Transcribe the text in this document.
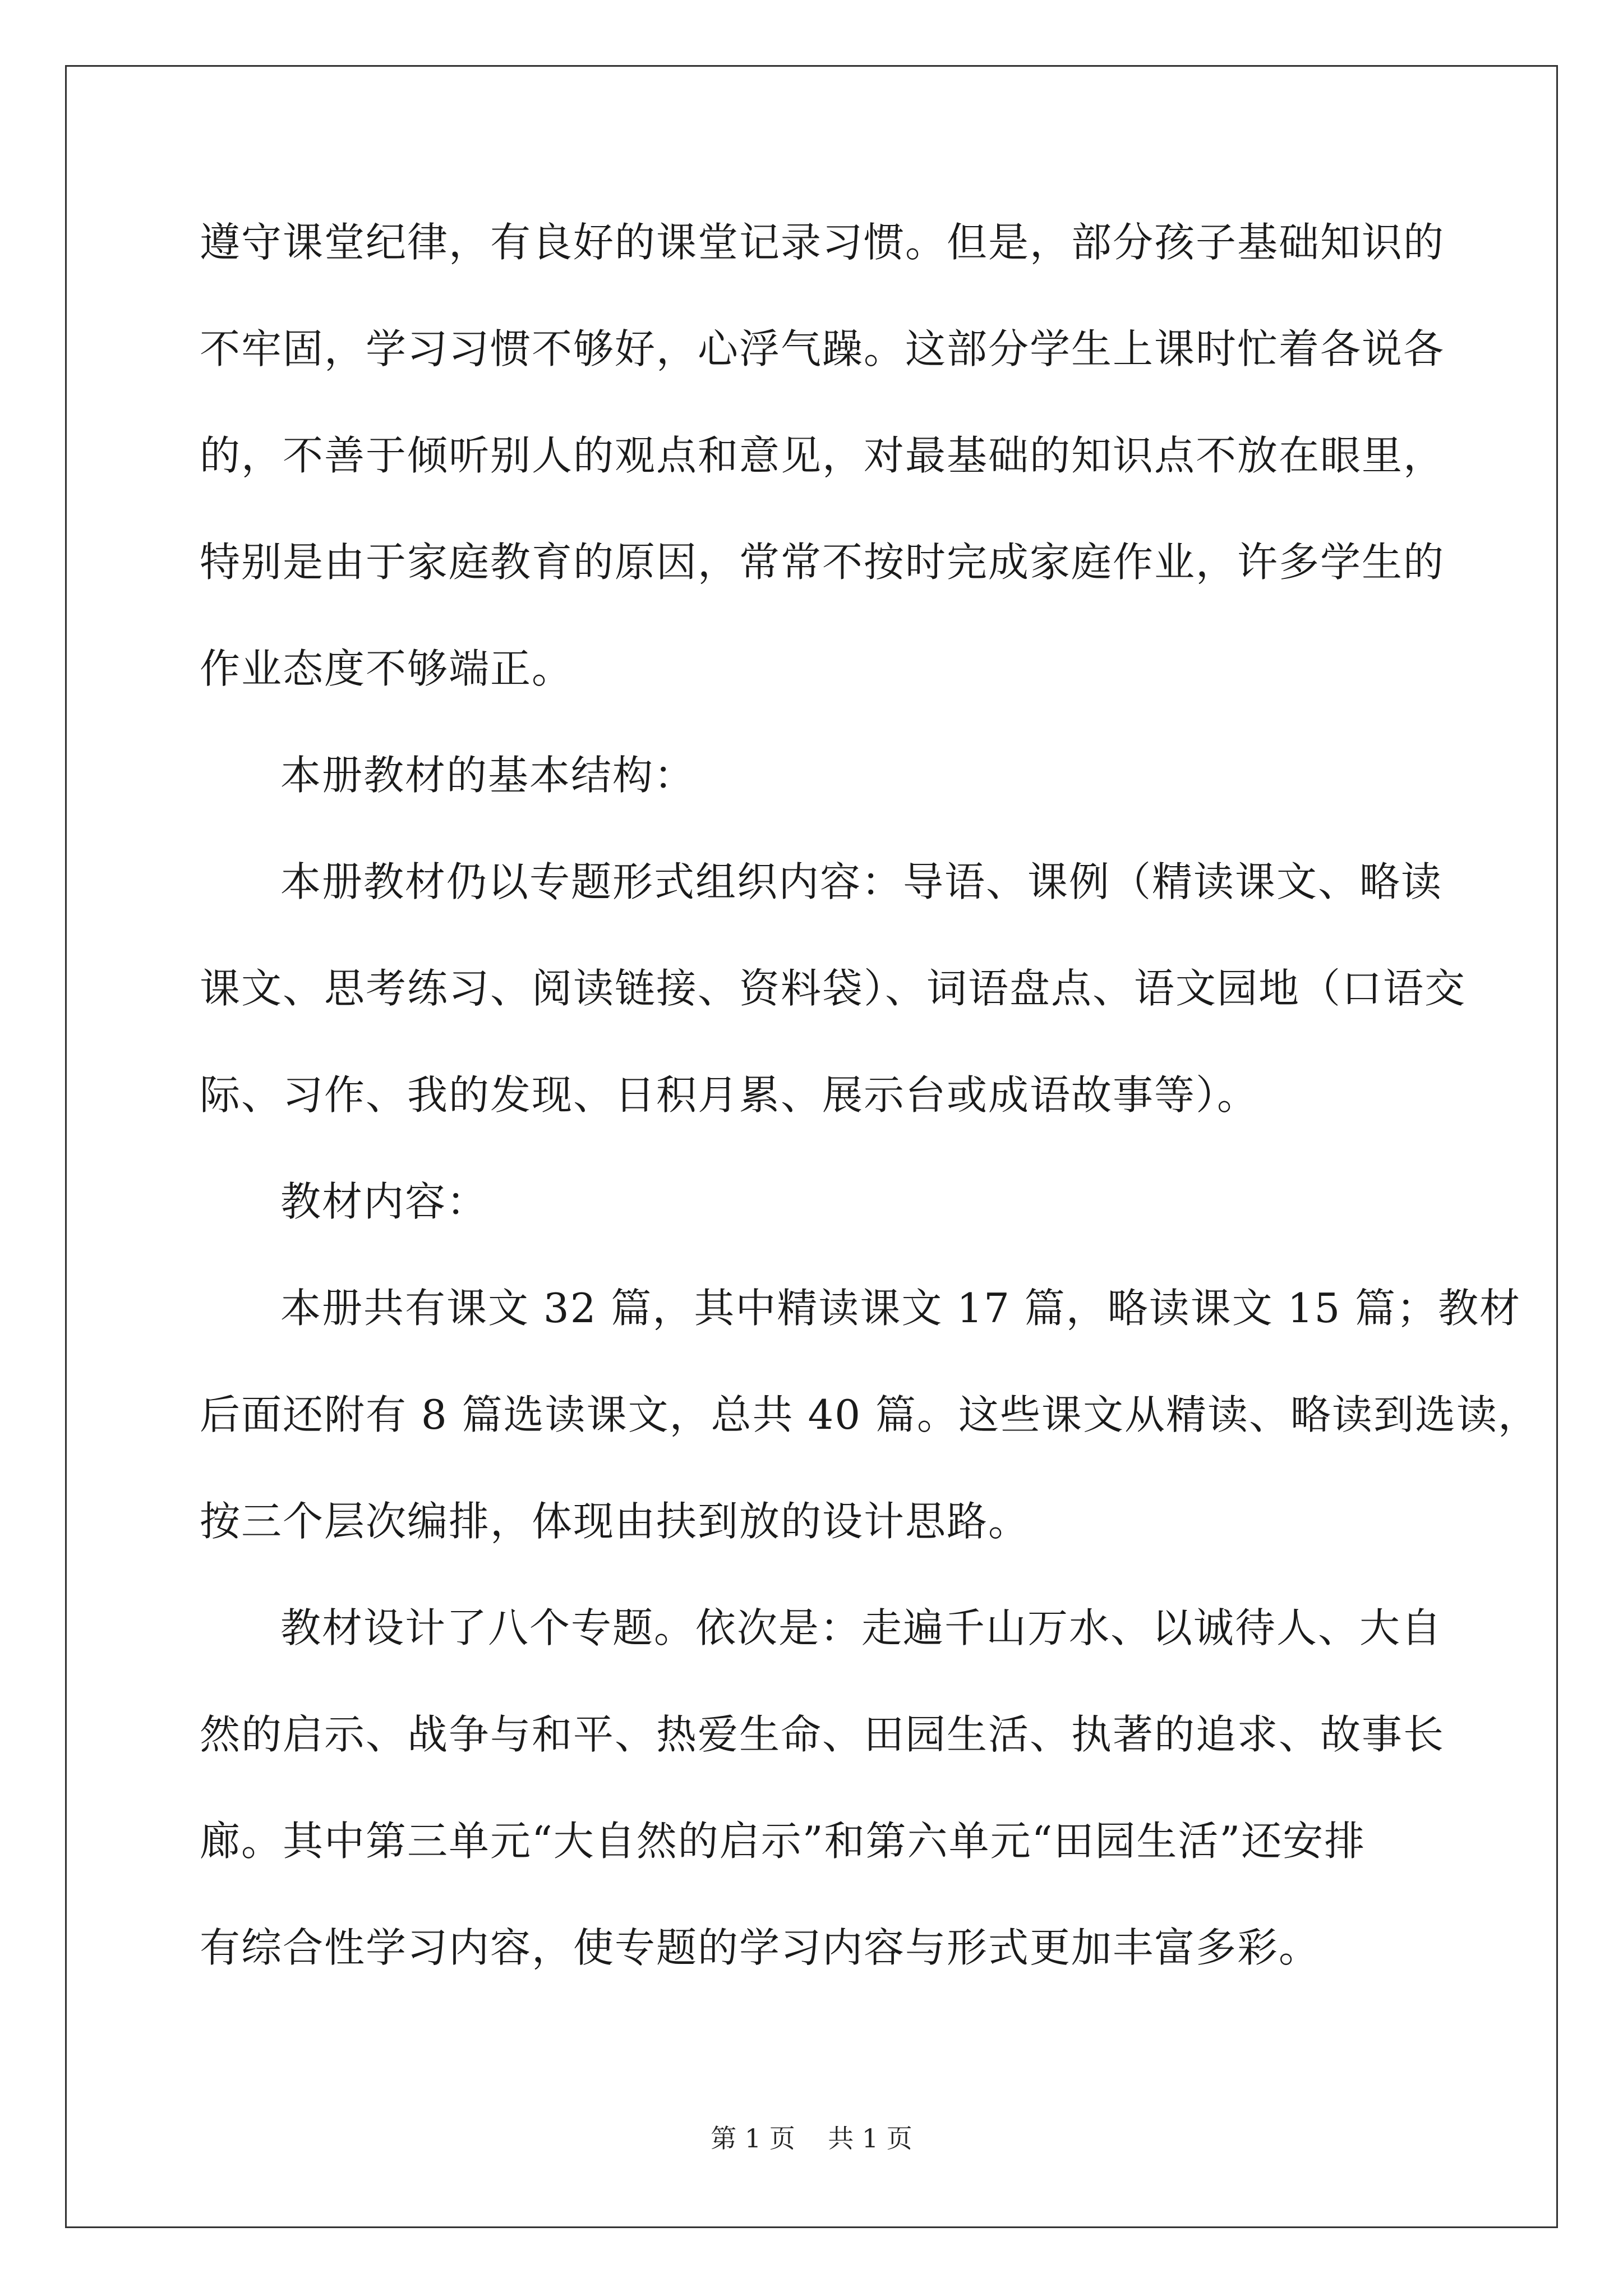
遵守课堂纪律，有良好的课堂记录习惯。但是，部分孩子基础知识的
不牢固，学习习惯不够好，心浮气躁。这部分学生上课时忙着各说各
的，不善于倾听别人的观点和意见，对最基础的知识点不放在眼里，
特别是由于家庭教育的原因，常常不按时完成家庭作业，许多学生的
作业态度不够端正。
本册教材的基本结构：
本册教材仍以专题形式组织内容：导语、课例（精读课文、略读
课文、思考练习、阅读链接、资料袋）、词语盘点、语文园地（口语交
际、习作、我的发现、日积月累、展示台或成语故事等）。
教材内容：
本册共有课文 32 篇，其中精读课文 17 篇，略读课文 15 篇；教材
后面还附有 8 篇选读课文，总共 40 篇。这些课文从精读、略读到选读，
按三个层次编排，体现由扶到放的设计思路。
教材设计了八个专题。依次是：走遍千山万水、以诚待人、大自
然的启示、战争与和平、热爱生命、田园生活、执著的追求、故事长
廊。其中第三单元“大自然的启示”和第六单元“田园生活”还安排
有综合性学习内容，使专题的学习内容与形式更加丰富多彩。
第 1 页    共 1 页
